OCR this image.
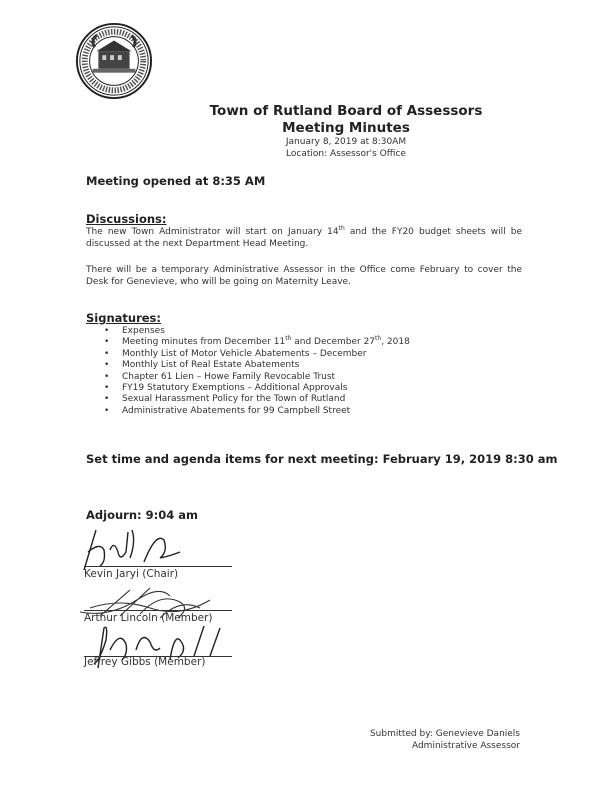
Town of Rutland Board of Assessors
Meeting Minutes
January 8, 2019 at 8:30AM
Location: Assessor's Office
Meeting opened at 8:35 AM
Discussions:
The new Town Administrator will start on January 14th and the FY20 budget sheets will be discussed at the next Department Head Meeting.
There will be a temporary Administrative Assessor in the Office come February to cover the Desk for Genevieve, who will be going on Maternity Leave.
Signatures:
• Expenses
• Meeting minutes from December 11th and December 27th, 2018
• Monthly List of Motor Vehicle Abatements – December
• Monthly List of Real Estate Abatements
• Chapter 61 Lien – Howe Family Revocable Trust
• FY19 Statutory Exemptions – Additional Approvals
• Sexual Harassment Policy for the Town of Rutland
• Administrative Abatements for 99 Campbell Street
Set time and agenda items for next meeting: February 19, 2019 8:30 am
Adjourn: 9:04 am
Kevin Jaryi (Chair)
Arthur Lincoln (Member)
Jeffrey Gibbs (Member)
Submitted by: Genevieve Daniels
Administrative Assessor
